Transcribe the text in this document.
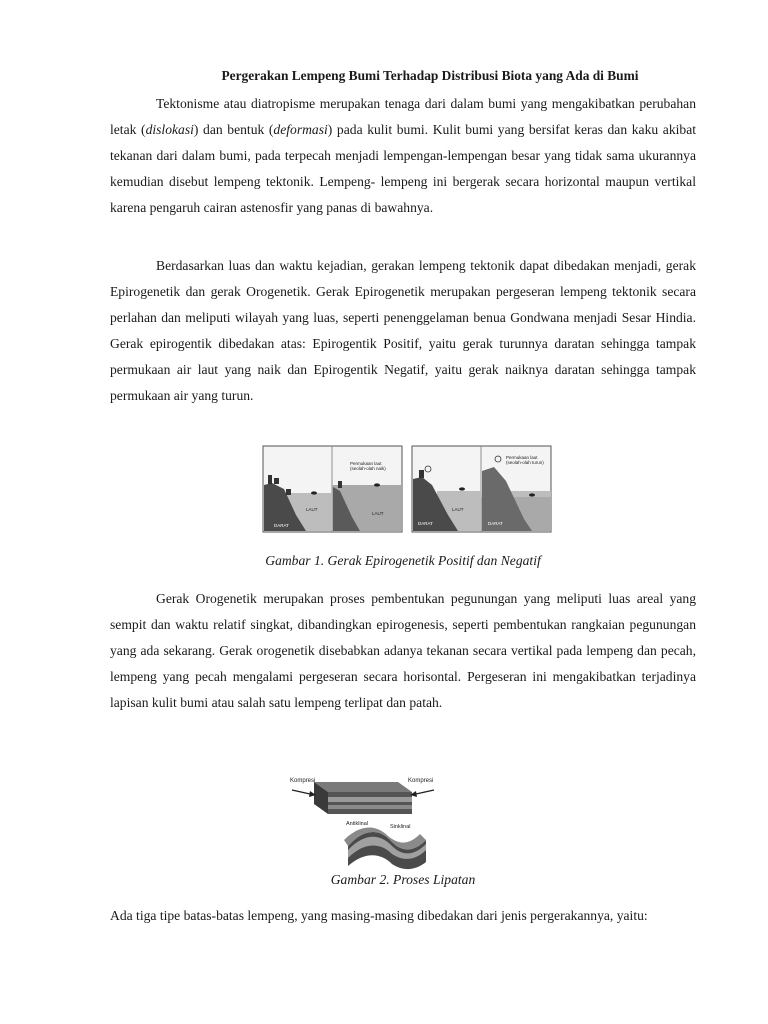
Pergerakan Lempeng Bumi Terhadap Distribusi Biota yang Ada di Bumi

Tektonisme atau diatropisme merupakan tenaga dari dalam bumi yang mengakibatkan perubahan letak (dislokasi) dan bentuk (deformasi) pada kulit bumi. Kulit bumi yang bersifat keras dan kaku akibat tekanan dari dalam bumi, pada terpecah menjadi lempengan-lempengan besar yang tidak sama ukurannya kemudian disebut lempeng tektonik. Lempeng- lempeng ini bergerak secara horizontal maupun vertikal karena pengaruh cairan astenosfir yang panas di bawahnya.

Berdasarkan luas dan waktu kejadian, gerakan lempeng tektonik dapat dibedakan menjadi, gerak Epirogenetik dan gerak Orogenetik. Gerak Epirogenetik merupakan pergeseran lempeng tektonik secara perlahan dan meliputi wilayah yang luas, seperti penenggelaman benua Gondwana menjadi Sesar Hindia. Gerak epirogentik dibedakan atas: Epirogentik Positif, yaitu gerak turunnya daratan sehingga tampak permukaan air laut yang naik dan Epirogentik Negatif, yaitu gerak naiknya daratan sehingga tampak permukaan air yang turun.

Permukaan laut
(seolah-olah naik)
DARAT
LAUT
LAUT
Permukaan laut
(seolah-olah turun)
DARAT
LAUT
DARAT
Gambar 1. Gerak Epirogenetik Positif dan Negatif

Gerak Orogenetik merupakan proses pembentukan pegunungan yang meliputi luas areal yang sempit dan waktu relatif singkat, dibandingkan epirogenesis, seperti pembentukan rangkaian pegunungan yang ada sekarang. Gerak orogenetik disebabkan adanya tekanan secara vertikal pada lempeng dan pecah, lempeng yang pecah mengalami pergeseran secara horisontal. Pergeseran ini mengakibatkan terjadinya lapisan kulit bumi atau salah satu lempeng terlipat dan patah.

Kompresi	Kompresi
Antiklinal	Sinklinal
Gambar 2. Proses Lipatan

Ada tiga tipe batas-batas lempeng, yang masing-masing dibedakan dari jenis pergerakannya, yaitu:
